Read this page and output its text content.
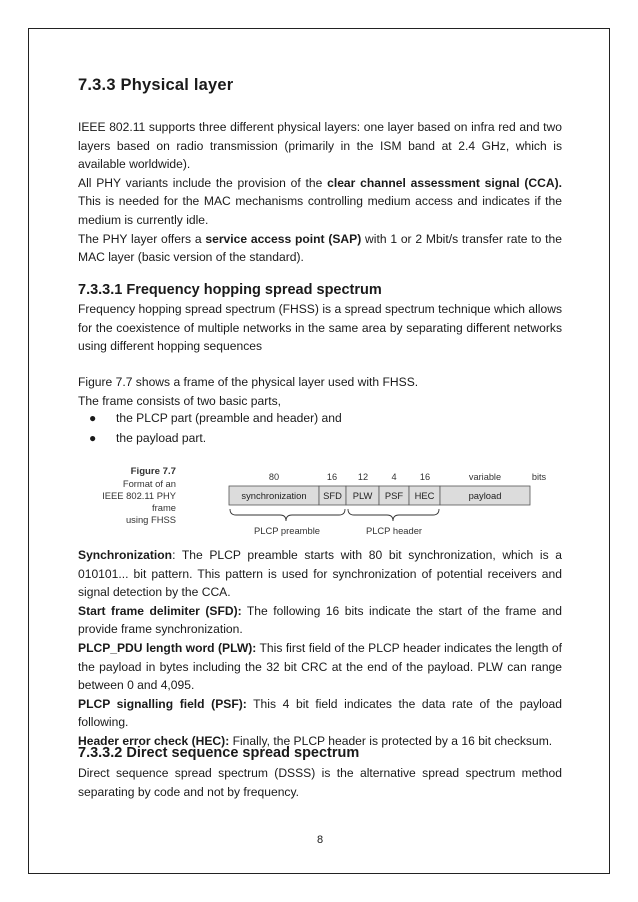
7.3.3 Physical layer

IEEE 802.11 supports three different physical layers: one layer based on infra red and two layers based on radio transmission (primarily in the ISM band at 2.4 GHz, which is available worldwide).

All PHY variants include the provision of the clear channel assessment signal (CCA). This is needed for the MAC mechanisms controlling medium access and indicates if the medium is currently idle.

The PHY layer offers a service access point (SAP) with 1 or 2 Mbit/s transfer rate to the MAC layer (basic version of the standard).

7.3.3.1 Frequency hopping spread spectrum

Frequency hopping spread spectrum (FHSS) is a spread spectrum technique which allows for the coexistence of multiple networks in the same area by separating different networks using different hopping sequences

Figure 7.7 shows a frame of the physical layer used with FHSS.

The frame consists of two basic parts,

● the PLCP part (preamble and header) and
● the payload part.
Figure 7.7
Format of an
IEEE 802.11 PHY frame
using FHSS
80	16 12	4	16	variable	bits
synchronization SFD PLW PSF HEC	payload
PLCP preamble	PLCP header

Synchronization: The PLCP preamble starts with 80 bit synchronization, which is a 010101... bit pattern. This pattern is used for synchronization of potential receivers and signal detection by the CCA.

Start frame delimiter (SFD): The following 16 bits indicate the start of the frame and provide frame synchronization.

PLCP_PDU length word (PLW): This first field of the PLCP header indicates the length of the payload in bytes including the 32 bit CRC at the end of the payload. PLW can range between 0 and 4,095.

PLCP signalling field (PSF): This 4 bit field indicates the data rate of the payload following.

Header error check (HEC): Finally, the PLCP header is protected by a 16 bit checksum.

7.3.3.2 Direct sequence spread spectrum

Direct sequence spread spectrum (DSSS) is the alternative spread spectrum method separating by code and not by frequency.

8
